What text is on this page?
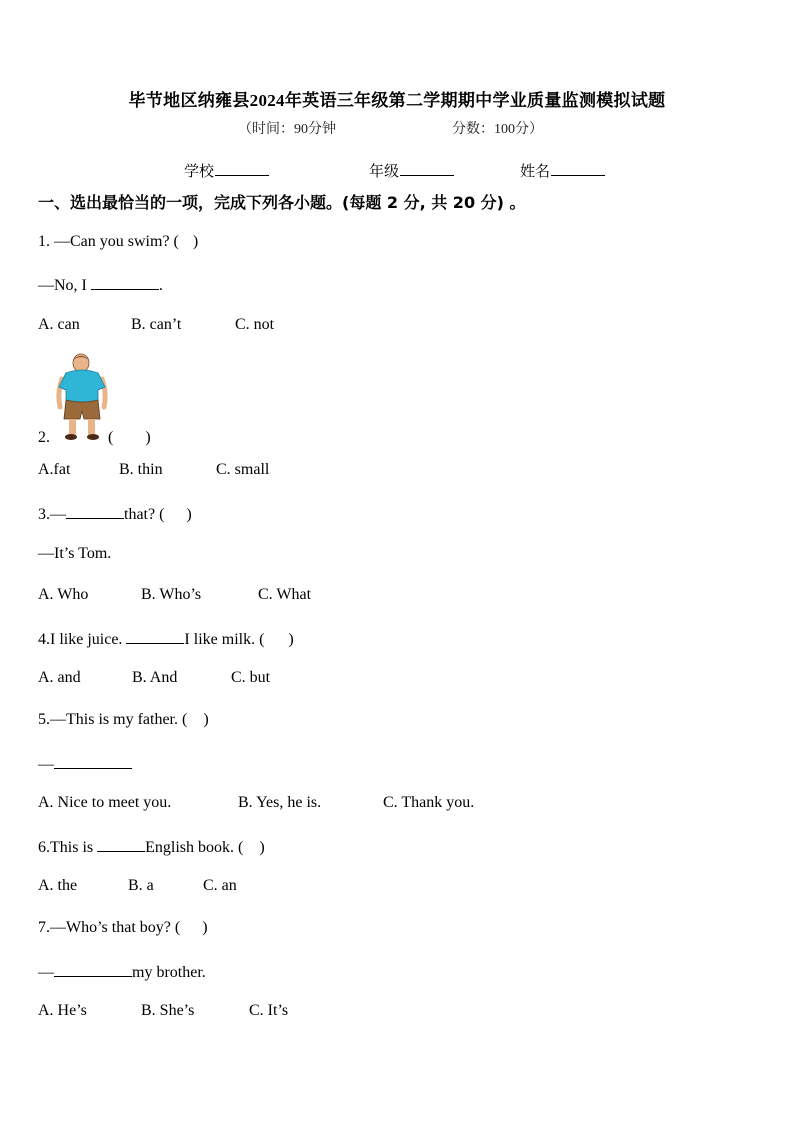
毕节地区纳雍县2024年英语三年级第二学期期中学业质量监测模拟试题
（时间：90分钟	分数：100分）
学校	年级	姓名
一、选出最恰当的一项，完成下列各小题。(每题 2 分, 共 20 分) 。
1. —Can you swim? ( )
—No, I	.
A. can	B. can’t	C. not
2.	(　　)
A.fat	B. thin	C. small
3.—	that? ( )
—It’s Tom.
A. Who	B. Who’s	C. What
4.I like juice.	I like milk. ( )
A. and	B. And	C. but
5.—This is my father. ( )
—
A. Nice to meet you.	B. Yes, he is.	C. Thank you.
6.This is	English book. ( )
A. the	B. a	C. an
7.—Who’s that boy? ( )
—	my brother.
A. He’s	B. She’s	C. It’s
